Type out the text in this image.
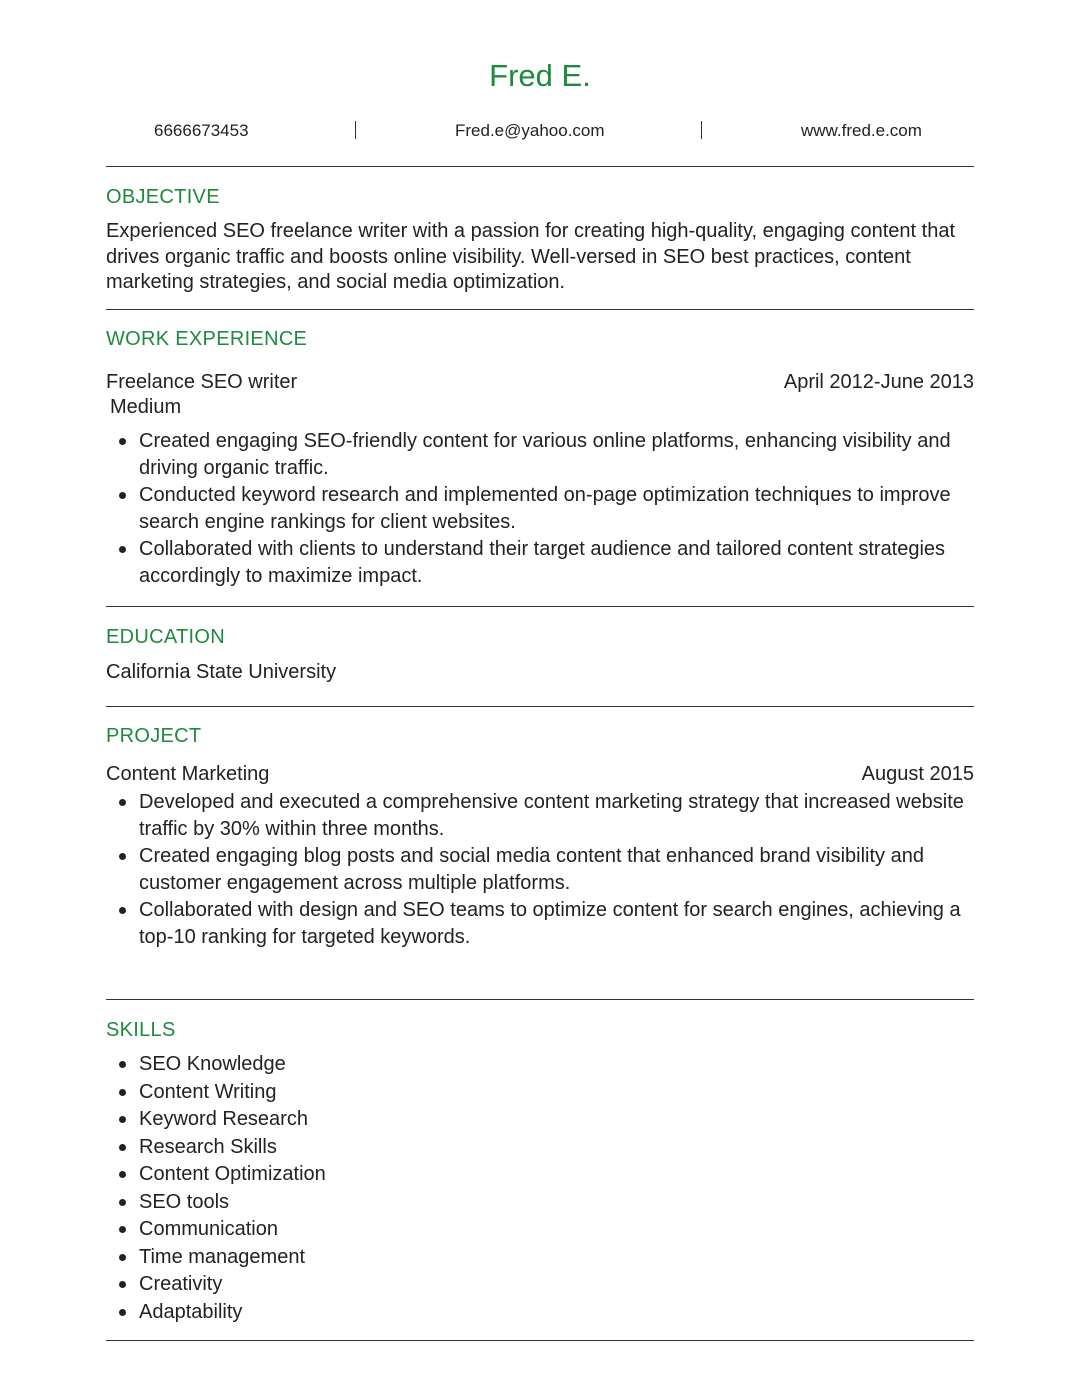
Fred E.
6666673453	Fred.e@yahoo.com	www.fred.e.com
OBJECTIVE
Experienced SEO freelance writer with a passion for creating high-quality, engaging content that drives organic traffic and boosts online visibility. Well-versed in SEO best practices, content marketing strategies, and social media optimization.
WORK EXPERIENCE
Freelance SEO writer	April 2012-June 2013
Medium
Created engaging SEO-friendly content for various online platforms, enhancing visibility and driving organic traffic.
Conducted keyword research and implemented on-page optimization techniques to improve search engine rankings for client websites.
Collaborated with clients to understand their target audience and tailored content strategies accordingly to maximize impact.
EDUCATION
California State University
PROJECT
Content Marketing	August 2015
Developed and executed a comprehensive content marketing strategy that increased website traffic by 30% within three months.
Created engaging blog posts and social media content that enhanced brand visibility and customer engagement across multiple platforms.
Collaborated with design and SEO teams to optimize content for search engines, achieving a top-10 ranking for targeted keywords.
SKILLS
SEO Knowledge
Content Writing
Keyword Research
Research Skills
Content Optimization
SEO tools
Communication
Time management
Creativity
Adaptability
